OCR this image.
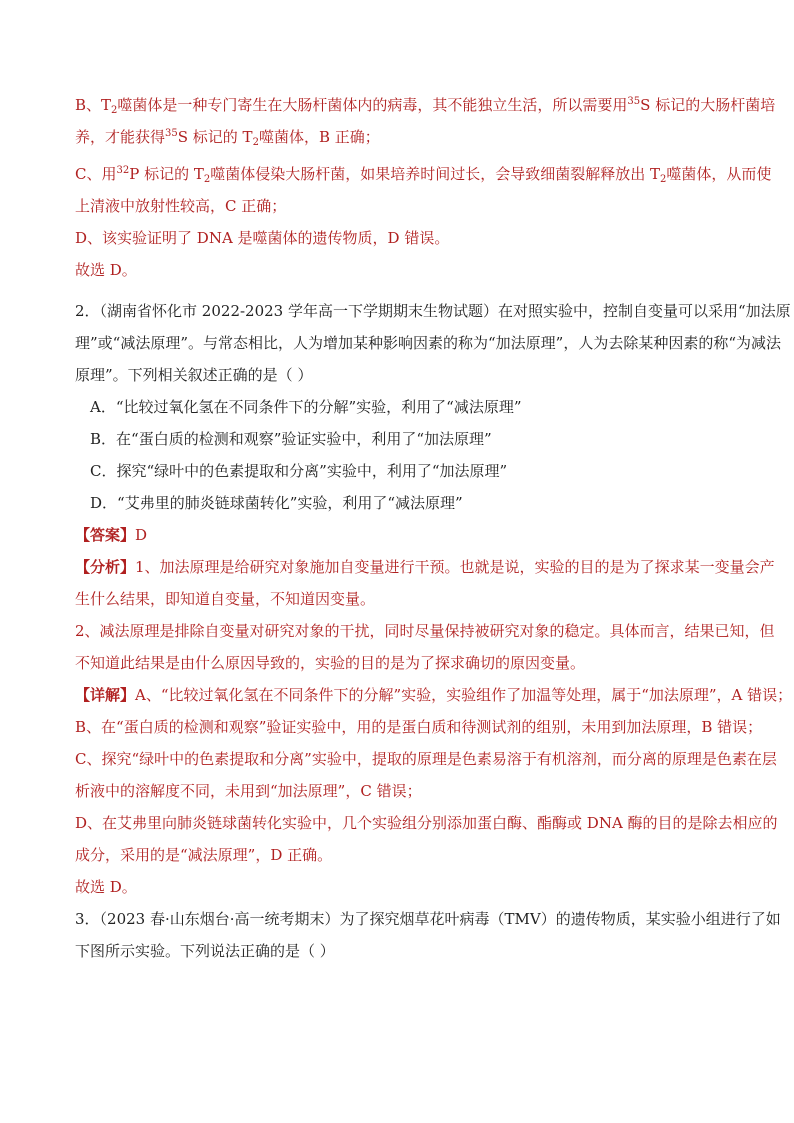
B、$T_2$噬菌体是一种专门寄生在大肠杆菌体内的病毒，其不能独立生活，所以需要用$^{35}$S 标记的大肠杆菌培
养，才能获得$^{35}$S 标记的 $T_2$噬菌体，B 正确；
C、用$^{32}$P 标记的 $T_2$噬菌体侵染大肠杆菌，如果培养时间过长，会导致细菌裂解释放出 $T_2$噬菌体，从而使
上清液中放射性较高，C 正确；
D、该实验证明了 DNA 是噬菌体的遗传物质，D 错误。
故选 D。
2．（湖南省怀化市 2022-2023 学年高一下学期期末生物试题）在对照实验中，控制自变量可以采用“加法原
理”或“减法原理”。与常态相比，人为增加某种影响因素的称为“加法原理”，人为去除某种因素的称“为减法
原理”。下列相关叙述正确的是（ ）
A．“比较过氧化氢在不同条件下的分解”实验，利用了“减法原理”
B．在“蛋白质的检测和观察”验证实验中，利用了“加法原理”
C．探究“绿叶中的色素提取和分离”实验中，利用了“加法原理”
D．“艾弗里的肺炎链球菌转化”实验，利用了“减法原理”
【答案】D
【分析】1、加法原理是给研究对象施加自变量进行干预。也就是说，实验的目的是为了探求某一变量会产
生什么结果，即知道自变量，不知道因变量。
2、减法原理是排除自变量对研究对象的干扰，同时尽量保持被研究对象的稳定。具体而言，结果已知，但
不知道此结果是由什么原因导致的，实验的目的是为了探求确切的原因变量。
【详解】A、“比较过氧化氢在不同条件下的分解”实验，实验组作了加温等处理，属于“加法原理”，A 错误；
B、在“蛋白质的检测和观察”验证实验中，用的是蛋白质和待测试剂的组别，未用到加法原理，B 错误；
C、探究“绿叶中的色素提取和分离”实验中，提取的原理是色素易溶于有机溶剂，而分离的原理是色素在层
析液中的溶解度不同，未用到“加法原理”，C 错误；
D、在艾弗里向肺炎链球菌转化实验中，几个实验组分别添加蛋白酶、酯酶或 DNA 酶的目的是除去相应的
成分，采用的是“减法原理”，D 正确。
故选 D。
3．（2023 春·山东烟台·高一统考期末）为了探究烟草花叶病毒（TMV）的遗传物质，某实验小组进行了如
下图所示实验。下列说法正确的是（ ）
